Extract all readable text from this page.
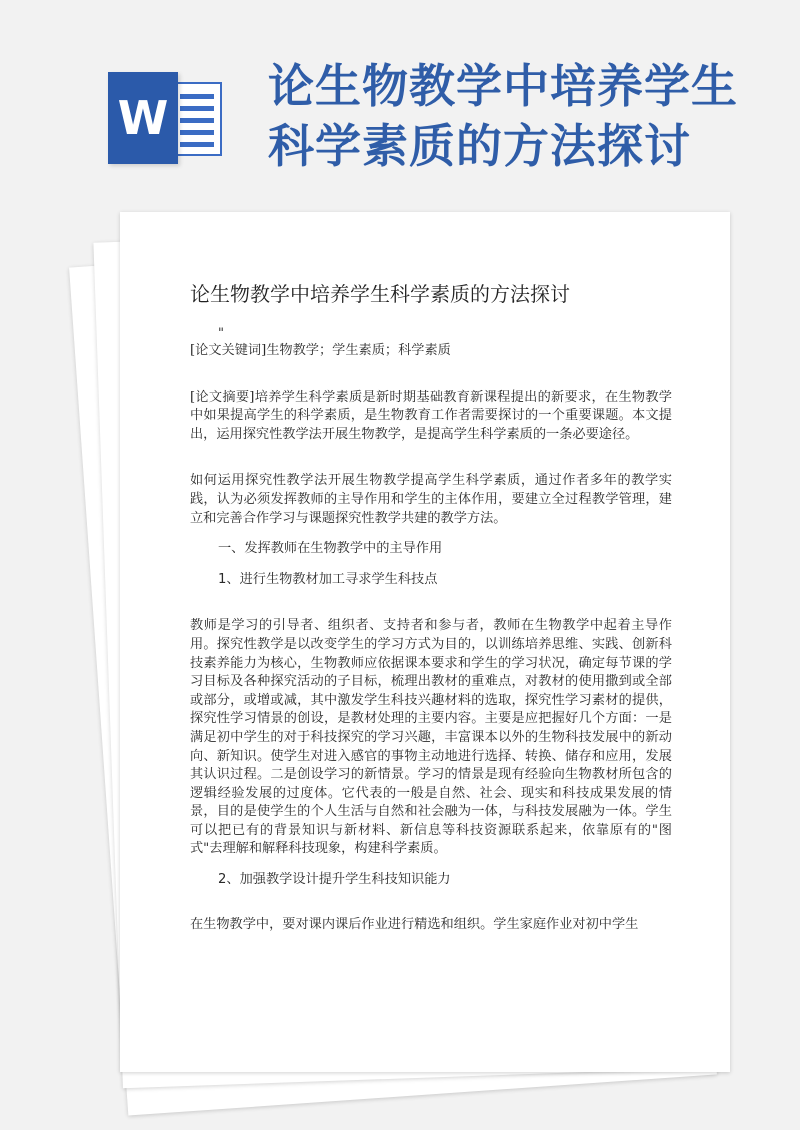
W
论生物教学中培养学生
科学素质的方法探讨
论生物教学中培养学生科学素质的方法探讨
"

[论文关键词]生物教学；学生素质；科学素质

[论文摘要]培养学生科学素质是新时期基础教育新课程提出的新要求，在生物教学中如果提高学生的科学素质，是生物教育工作者需要探讨的一个重要课题。本文提出，运用探究性教学法开展生物教学，是提高学生科学素质的一条必要途径。

如何运用探究性教学法开展生物教学提高学生科学素质，通过作者多年的教学实践，认为必须发挥教师的主导作用和学生的主体作用，要建立全过程教学管理，建立和完善合作学习与课题探究性教学共建的教学方法。

一、发挥教师在生物教学中的主导作用

1、进行生物教材加工寻求学生科技点

教师是学习的引导者、组织者、支持者和参与者，教师在生物教学中起着主导作用。探究性教学是以改变学生的学习方式为目的，以训练培养思维、实践、创新科技素养能力为核心，生物教师应依据课本要求和学生的学习状况，确定每节课的学习目标及各种探究活动的子目标，梳理出教材的重难点，对教材的使用撒到或全部或部分，或增或减，其中激发学生科技兴趣材料的选取，探究性学习素材的提供，探究性学习情景的创设，是教材处理的主要内容。主要是应把握好几个方面：一是满足初中学生的对于科技探究的学习兴趣，丰富课本以外的生物科技发展中的新动向、新知识。使学生对进入感官的事物主动地进行选择、转换、储存和应用，发展其认识过程。二是创设学习的新情景。学习的情景是现有经验向生物教材所包含的逻辑经验发展的过度体。它代表的一般是自然、社会、现实和科技成果发展的情景，目的是使学生的个人生活与自然和社会融为一体，与科技发展融为一体。学生可以把已有的背景知识与新材料、新信息等科技资源联系起来，依靠原有的"图式"去理解和解释科技现象，构建科学素质。

2、加强教学设计提升学生科技知识能力

在生物教学中，要对课内课后作业进行精选和组织。学生家庭作业对初中学生
